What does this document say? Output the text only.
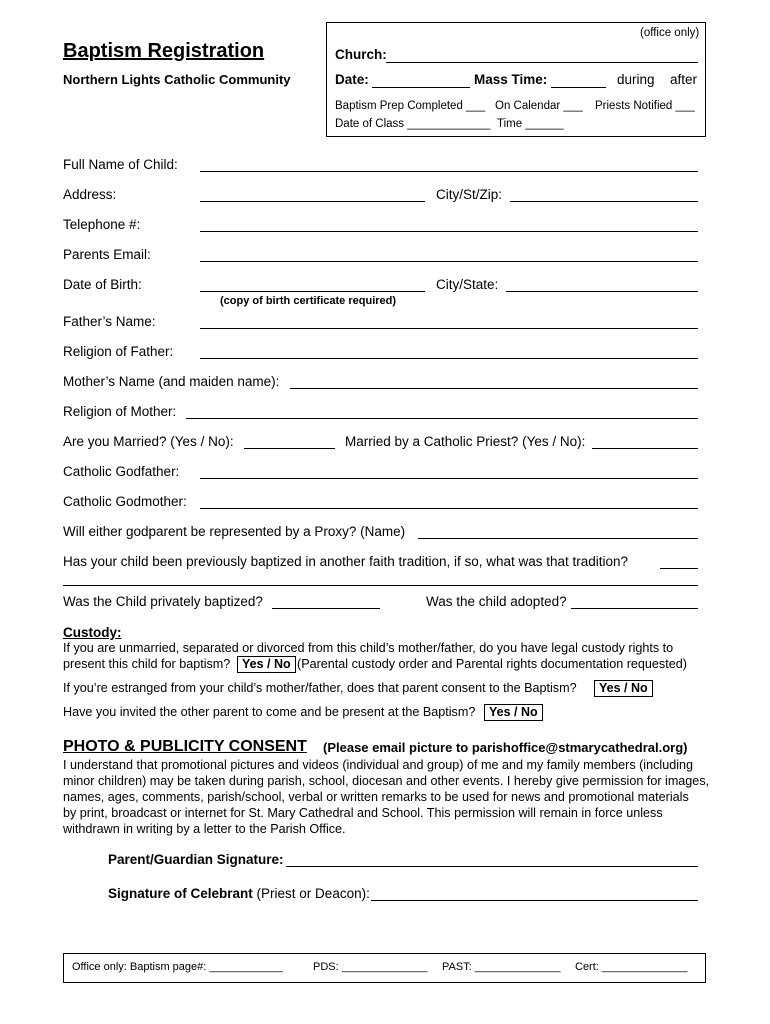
Baptism Registration
Northern Lights Catholic Community
(office only)
Church:
Date:	Mass Time:	during after
Baptism Prep Completed ___ On Calendar ___ Priests Notified ___
Date of Class _____________ Time ______
Full Name of Child:
Address:	City/St/Zip:
Telephone #:
Parents Email:
Date of Birth:	City/State:
(copy of birth certificate required)
Father’s Name:
Religion of Father:
Mother’s Name (and maiden name):
Religion of Mother:
Are you Married? (Yes / No):	Married by a Catholic Priest? (Yes / No):
Catholic Godfather:
Catholic Godmother:
Will either godparent be represented by a Proxy? (Name)
Has your child been previously baptized in another faith tradition, if so, what was that tradition?
Was the Child privately baptized?	Was the child adopted?
Custody:
If you are unmarried, separated or divorced from this child’s mother/father, do you have legal custody rights to
present this child for baptism? Yes / No (Parental custody order and Parental rights documentation requested)
If you’re estranged from your child’s mother/father, does that parent consent to the Baptism?	Yes / No
Have you invited the other parent to come and be present at the Baptism?	Yes / No
PHOTO & PUBLICITY CONSENT (Please email picture to parishoffice@stmarycathedral.org)
I understand that promotional pictures and videos (individual and group) of me and my family members (including
minor children) may be taken during parish, school, diocesan and other events. I hereby give permission for images,
names, ages, comments, parish/school, verbal or written remarks to be used for news and promotional materials
by print, broadcast or internet for St. Mary Cathedral and School. This permission will remain in force unless
withdrawn in writing by a letter to the Parish Office.
Parent/Guardian Signature:
Signature of Celebrant (Priest or Deacon):
Office only: Baptism page#: ____________	PDS: ______________ PAST: ______________ Cert: ______________
